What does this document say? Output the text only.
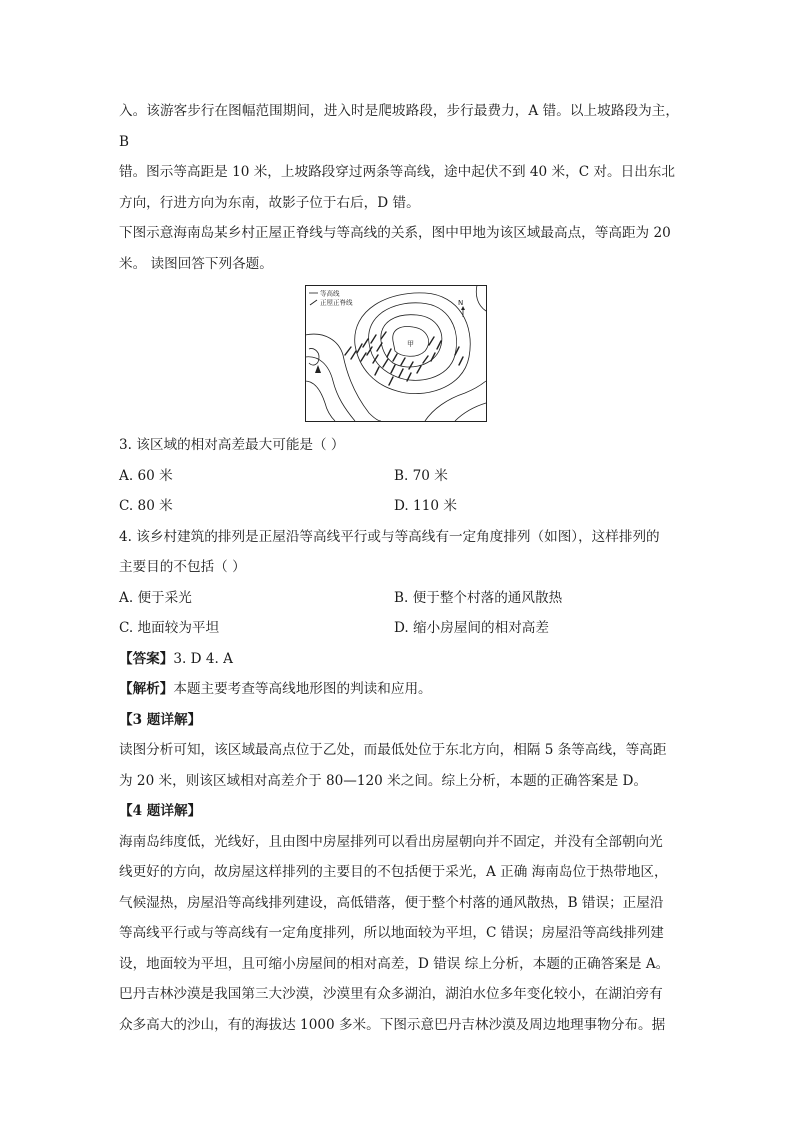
入。该游客步行在图幅范围期间，进入时是爬坡路段，步行最费力，A 错。以上坡路段为主，B

错。图示等高距是 10 米，上坡路段穿过两条等高线，途中起伏不到 40 米，C 对。日出东北

方向，行进方向为东南，故影子位于右后，D 错。

下图示意海南岛某乡村正屋正脊线与等高线的关系，图中甲地为该区域最高点，等高距为 20

米。 读图回答下列各题。

等高线
正屋正脊线	N
甲

3. 该区域的相对高差最大可能是（ ）

A. 60 米	B. 70 米
C. 80 米	D. 110 米

4. 该乡村建筑的排列是正屋沿等高线平行或与等高线有一定角度排列（如图），这样排列的

主要目的不包括（ ）

A. 便于采光	B. 便于整个村落的通风散热
C. 地面较为平坦	D. 缩小房屋间的相对高差

【答案】3. D 4. A

【解析】本题主要考查等高线地形图的判读和应用。

【3 题详解】

读图分析可知，该区域最高点位于乙处，而最低处位于东北方向，相隔 5 条等高线，等高距

为 20 米，则该区域相对高差介于 80—120 米之间。综上分析，本题的正确答案是 D。

【4 题详解】

海南岛纬度低，光线好，且由图中房屋排列可以看出房屋朝向并不固定，并没有全部朝向光

线更好的方向，故房屋这样排列的主要目的不包括便于采光，A 正确 海南岛位于热带地区，

气候湿热，房屋沿等高线排列建设，高低错落，便于整个村落的通风散热，B 错误；正屋沿

等高线平行或与等高线有一定角度排列，所以地面较为平坦，C 错误；房屋沿等高线排列建

设，地面较为平坦，且可缩小房屋间的相对高差，D 错误 综上分析，本题的正确答案是 A。

巴丹吉林沙漠是我国第三大沙漠，沙漠里有众多湖泊，湖泊水位多年变化较小，在湖泊旁有

众多高大的沙山，有的海拔达 1000 多米。下图示意巴丹吉林沙漠及周边地理事物分布。据
